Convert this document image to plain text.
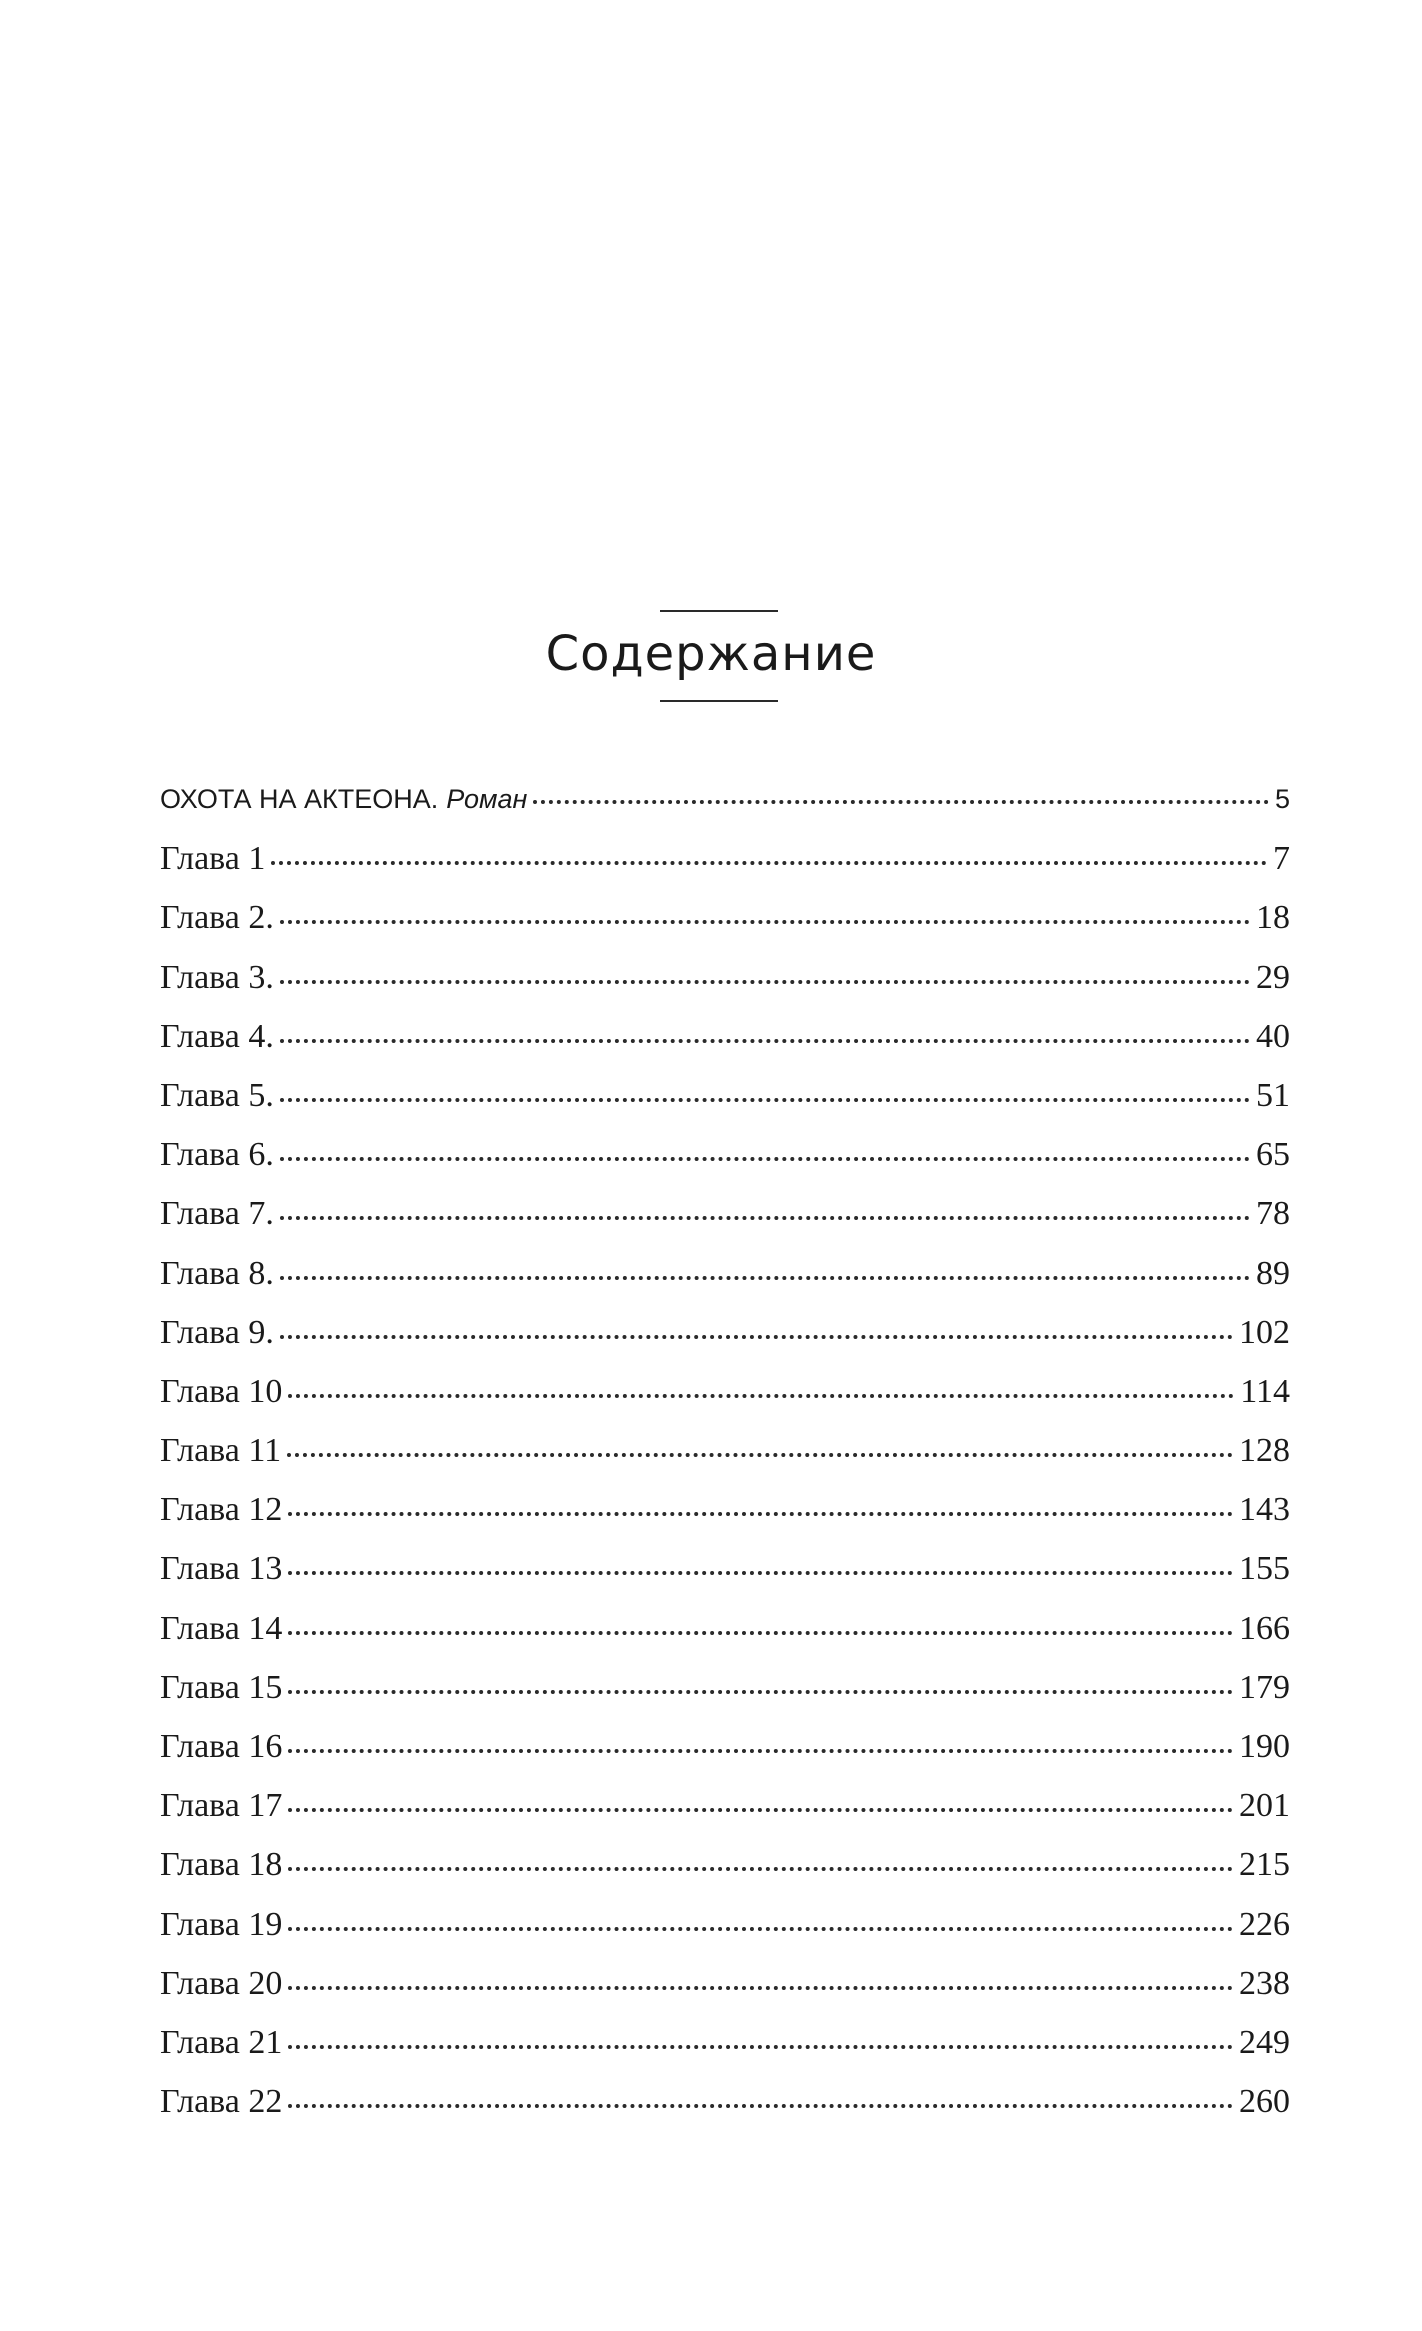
Содержание
ОХОТА НА АКТЕОНА. Роман	5
Глава 1	7
Глава 2.	18
Глава 3.	29
Глава 4.	40
Глава 5.	51
Глава 6.	65
Глава 7.	78
Глава 8.	89
Глава 9.	102
Глава 10	114
Глава 11	128
Глава 12	143
Глава 13	155
Глава 14	166
Глава 15	179
Глава 16	190
Глава 17	201
Глава 18	215
Глава 19	226
Глава 20	238
Глава 21	249
Глава 22	260
